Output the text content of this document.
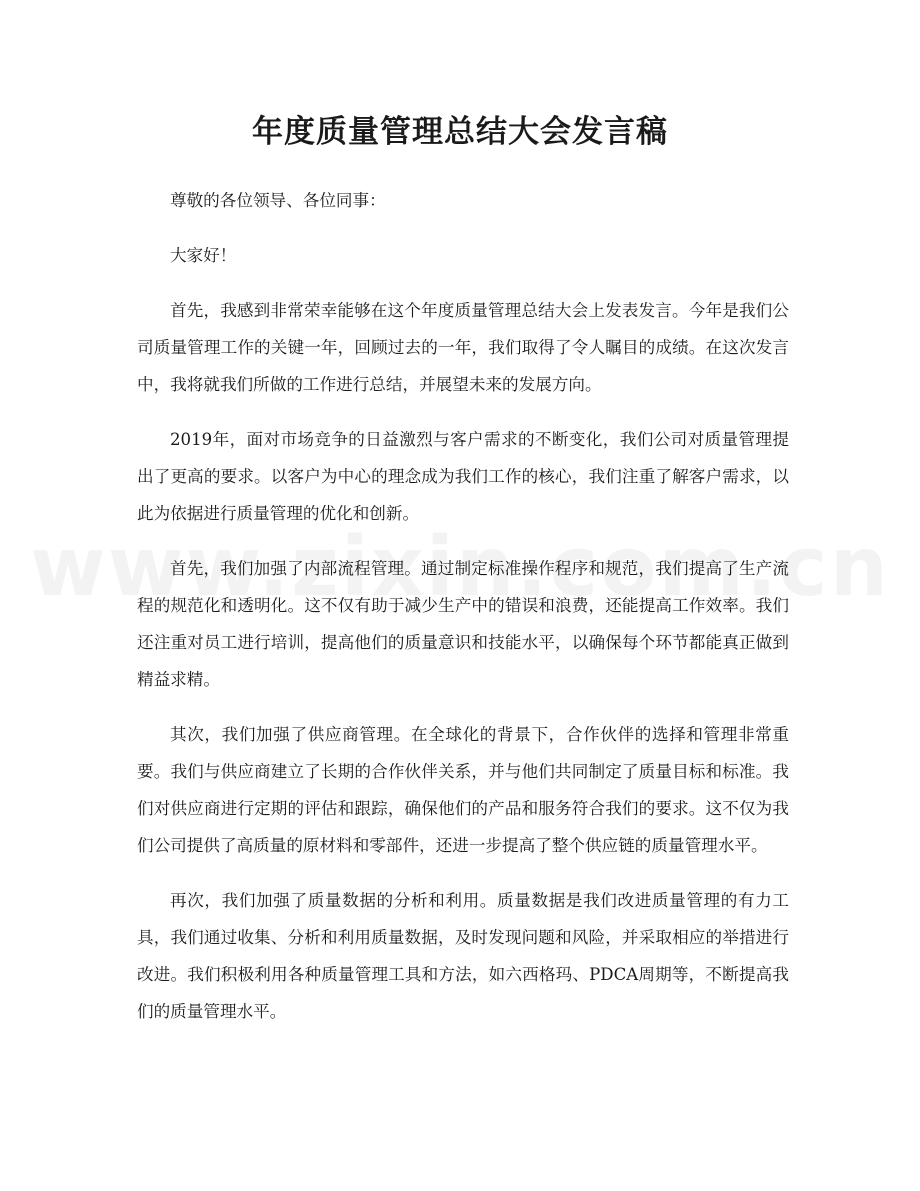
年度质量管理总结大会发言稿

尊敬的各位领导、各位同事：

大家好！

首先，我感到非常荣幸能够在这个年度质量管理总结大会上发表发言。今年是我们公司质量管理工作的关键一年，回顾过去的一年，我们取得了令人瞩目的成绩。在这次发言中，我将就我们所做的工作进行总结，并展望未来的发展方向。

2019年，面对市场竞争的日益激烈与客户需求的不断变化，我们公司对质量管理提出了更高的要求。以客户为中心的理念成为我们工作的核心，我们注重了解客户需求，以此为依据进行质量管理的优化和创新。

首先，我们加强了内部流程管理。通过制定标准操作程序和规范，我们提高了生产流程的规范化和透明化。这不仅有助于减少生产中的错误和浪费，还能提高工作效率。我们还注重对员工进行培训，提高他们的质量意识和技能水平，以确保每个环节都能真正做到精益求精。

其次，我们加强了供应商管理。在全球化的背景下，合作伙伴的选择和管理非常重要。我们与供应商建立了长期的合作伙伴关系，并与他们共同制定了质量目标和标准。我们对供应商进行定期的评估和跟踪，确保他们的产品和服务符合我们的要求。这不仅为我们公司提供了高质量的原材料和零部件，还进一步提高了整个供应链的质量管理水平。

再次，我们加强了质量数据的分析和利用。质量数据是我们改进质量管理的有力工具，我们通过收集、分析和利用质量数据，及时发现问题和风险，并采取相应的举措进行改进。我们积极利用各种质量管理工具和方法，如六西格玛、PDCA周期等，不断提高我们的质量管理水平。
